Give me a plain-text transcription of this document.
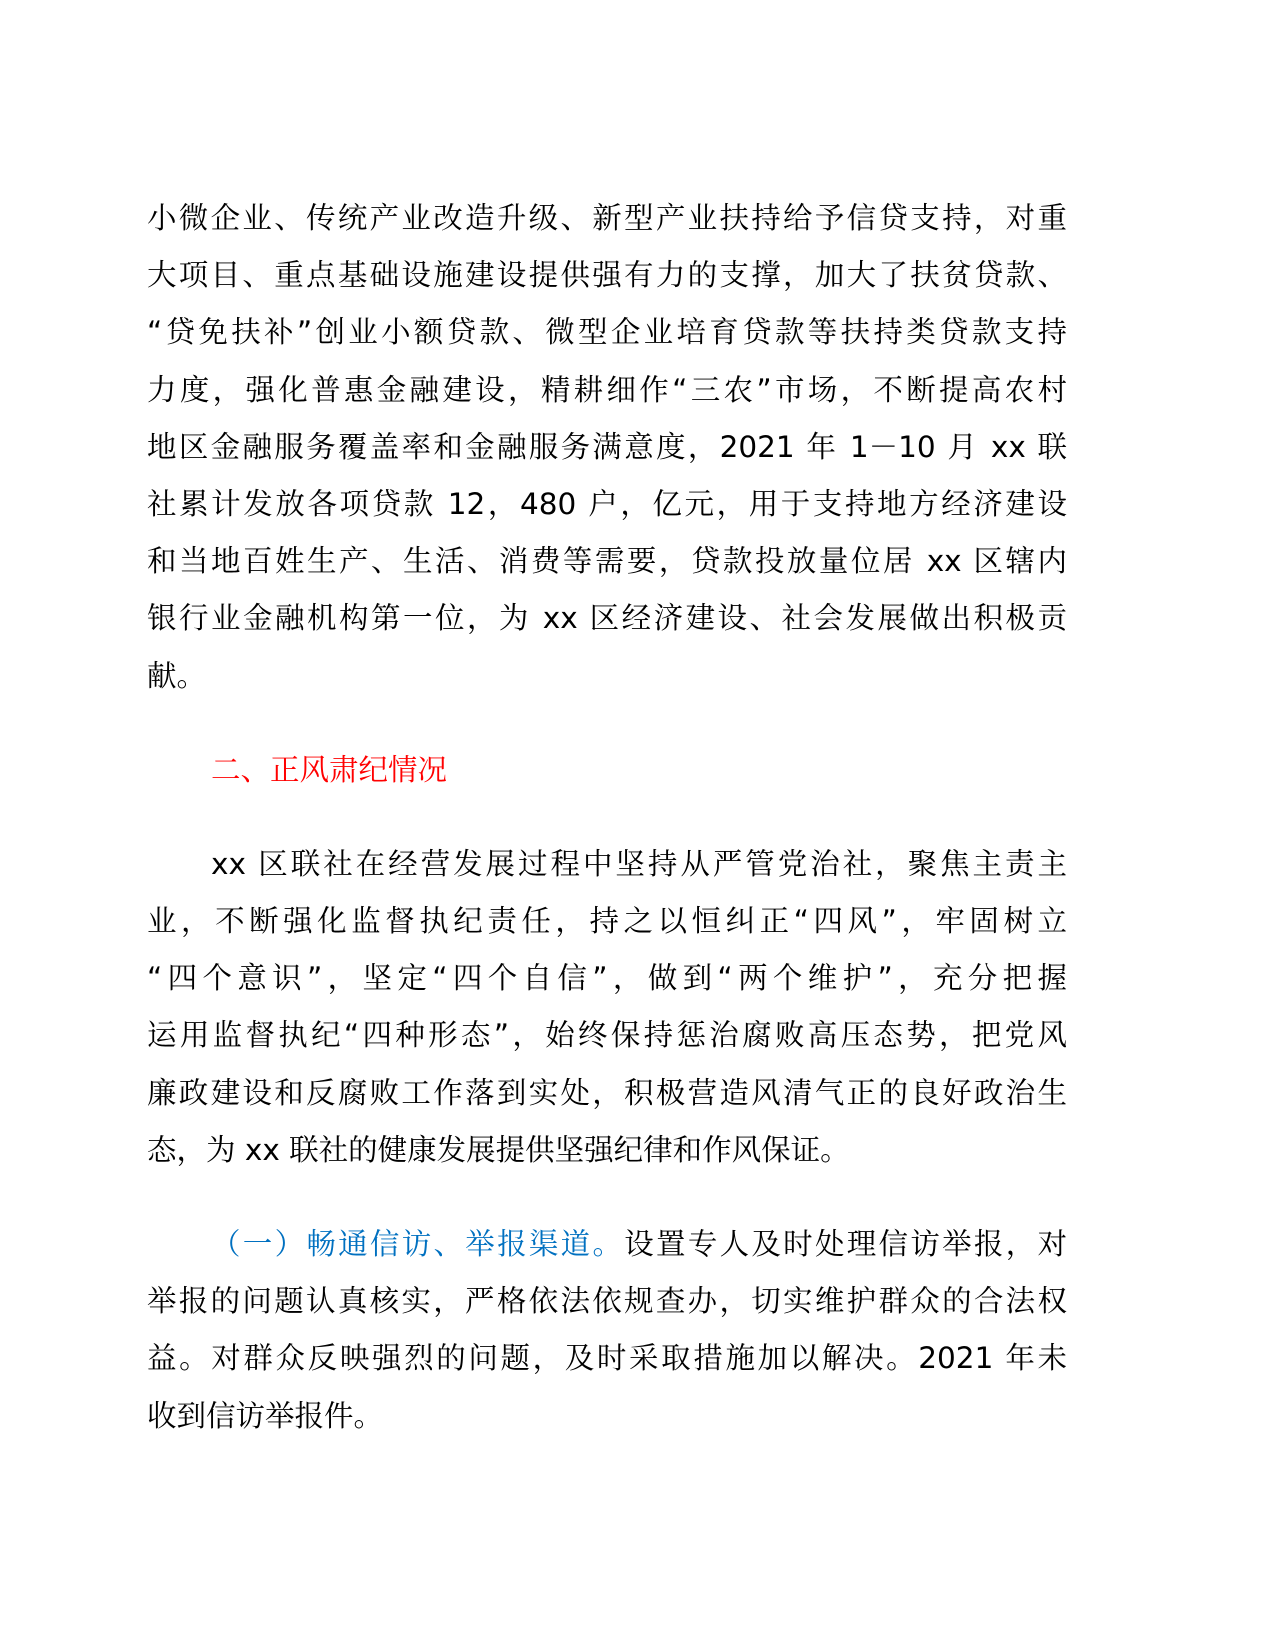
小微企业、传统产业改造升级、新型产业扶持给予信贷支持，对重
大项目、重点基础设施建设提供强有力的支撑，加大了扶贫贷款、
“贷免扶补”创业小额贷款、微型企业培育贷款等扶持类贷款支持
力度，强化普惠金融建设，精耕细作“三农”市场，不断提高农村
地区金融服务覆盖率和金融服务满意度，2021 年 1－10 月 xx 联
社累计发放各项贷款 12，480 户，亿元，用于支持地方经济建设
和当地百姓生产、生活、消费等需要，贷款投放量位居 xx 区辖内
银行业金融机构第一位，为 xx 区经济建设、社会发展做出积极贡
献。
二、正风肃纪情况
xx 区联社在经营发展过程中坚持从严管党治社，聚焦主责主
业，不断强化监督执纪责任，持之以恒纠正“四风”，牢固树立
“四个意识”，坚定“四个自信”，做到“两个维护”，充分把握
运用监督执纪“四种形态”，始终保持惩治腐败高压态势，把党风
廉政建设和反腐败工作落到实处，积极营造风清气正的良好政治生
态，为 xx 联社的健康发展提供坚强纪律和作风保证。
（一）畅通信访、举报渠道。设置专人及时处理信访举报，对
举报的问题认真核实，严格依法依规查办，切实维护群众的合法权
益。对群众反映强烈的问题，及时采取措施加以解决。2021 年未
收到信访举报件。
